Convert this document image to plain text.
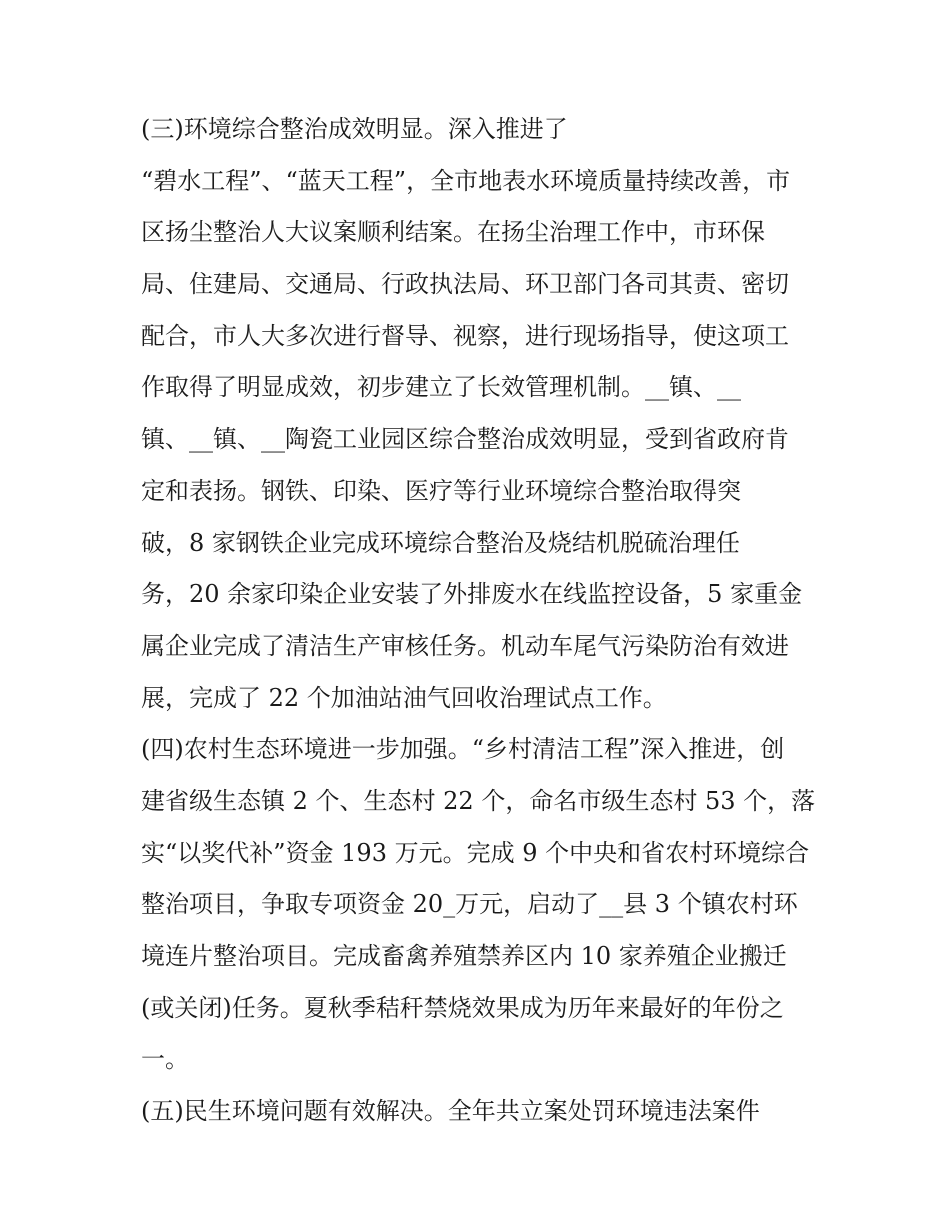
(三)环境综合整治成效明显。深入推进了
“碧水工程”、“蓝天工程”，全市地表水环境质量持续改善，市
区扬尘整治人大议案顺利结案。在扬尘治理工作中，市环保
局、住建局、交通局、行政执法局、环卫部门各司其责、密切
配合，市人大多次进行督导、视察，进行现场指导，使这项工
作取得了明显成效，初步建立了长效管理机制。__镇、__
镇、__镇、__陶瓷工业园区综合整治成效明显，受到省政府肯
定和表扬。钢铁、印染、医疗等行业环境综合整治取得突
破，8 家钢铁企业完成环境综合整治及烧结机脱硫治理任
务，20 余家印染企业安装了外排废水在线监控设备，5 家重金
属企业完成了清洁生产审核任务。机动车尾气污染防治有效进
展，完成了 22 个加油站油气回收治理试点工作。
(四)农村生态环境进一步加强。“乡村清洁工程”深入推进，创
建省级生态镇 2 个、生态村 22 个，命名市级生态村 53 个，落
实“以奖代补”资金 193 万元。完成 9 个中央和省农村环境综合
整治项目，争取专项资金 20_万元，启动了__县 3 个镇农村环
境连片整治项目。完成畜禽养殖禁养区内 10 家养殖企业搬迁
(或关闭)任务。夏秋季秸秆禁烧效果成为历年来最好的年份之
一。
(五)民生环境问题有效解决。全年共立案处罚环境违法案件
